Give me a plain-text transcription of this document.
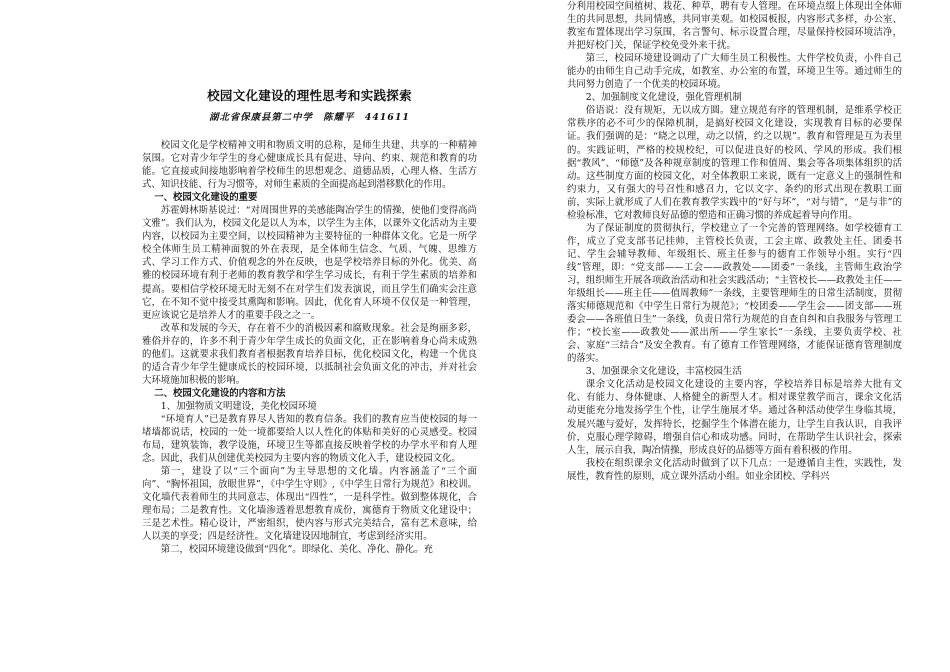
校园文化建设的理性思考和实践探索
湖北省保康县第二中学　陈耀平　441611

校园文化是学校精神文明和物质文明的总称，是师生共建、共享的一种精神氛围。它对青少年学生的身心健康成长具有促进、导向、约束、规范和教育的功能。它直接或间接地影响着学校师生的思想观念、道德品质，心理人格、生活方式、知识技能、行为习惯等，对师生素质的全面提高起到潜移默化的作用。

一、校园文化建设的重要

苏霍姆林斯基说过：“对周围世界的美感能陶冶学生的情操，使他们变得高尚文雅”。我们认为，校园文化是以人为本，以学生为主体，以课外文化活动为主要内容，以校园为主要空间，以校园精神为主要特征的一种群体文化。它是一所学校全体师生员工精神面貌的外在表现，是全体师生信念、气质、气魄、思维方式、学习工作方式、价值观念的外在反映，也是学校培养目标的外化。优美、高雅的校园环境有利于老师的教育教学和学生学习成长，有利于学生素质的培养和提高。要相信学校环境无时无刻不在对学生们发表演说，而且学生们确实会注意它，在不知不觉中接受其熏陶和影响。因此，优化育人环境不仅仅是一种管理，更应该说它是培养人才的重要手段之之一。

改革和发展的今天，存在着不少的消极因素和腐败现象。社会是绚丽多彩，雅俗并存的，许多不利于青少年学生成长的负面文化，正在影响着身心尚未成熟的他们。这就要求我们教育者根据教育培养目标，优化校园文化，构建一个优良的适合青少年学生健康成长的校园环境，以抵制社会负面文化的冲击，并对社会大环境施加积极的影响。

二、校园文化建设的内容和方法

1、加强物质文明建设，美化校园环境

“环境育人”已是教育界尽人皆知的教育信条。我们的教育应当使校园的每一堵墙都说话，校园的一处一境都要给人以人性化的体贴和美好的心灵感受。校园布局，建筑装饰，教学设施，环境卫生等都直接反映着学校的办学水平和育人理念。因此，我们从创建优美校园为主要内容的物质文化入手，建设校园文化。

第一，建设了以“三个面向”为主导思想的文化墙。内容涵盖了“三个面向”、“胸怀祖国，放眼世界”，《中学生守则》,《中学生日常行为规范》和校训。文化墙代表着师生的共同意志，体现出“四性”，一是科学性。做到整体规化，合理布局；二是教育性。文化墙渗透着思想教育成份，寓德育于物质文化建设中；三是艺术性。精心设计，严密组织，使内容与形式完美结合，富有艺术意味，给人以美的享受；四是经济性。文化墙建设因地制宜，考虑到经济实用。

第二，校园环境建设做到“四化”。即绿化、美化、净化、静化。充

分利用校园空间植树、栽花、种草，聘有专人管理。在环境点缀上体现出全体师生的共同思想，共同情感，共同审美观。如校园板报，内容形式多样，办公室、教室布置体现出学习氛围，名言警句、标示设置合理，尽量保持校园环境洁净，并把好校门关，保证学校免受外来干扰。

第三，校园环境建设调动了广大师生员工积极性。大件学校负责，小件自己能办的由师生自己动手完成，如教室、办公室的布置，环境卫生等。通过师生的共同努力创造了一个优美的校园环境。

2、加强制度文化建设，强化管理机制

俗语说：没有规矩，无以成方圆。建立规范有序的管理机制，是维系学校正常秩序的必不可少的保障机制，是搞好校园文化建设，实现教育目标的必要保证。我们强调的是：“晓之以理，动之以情，约之以规”。教育和管理是互为表里的。实践证明，严格的校规校纪，可以促进良好的校风、学风的形成。我们根据“教风”、“师德”及各种规章制度的管理工作和值周、集会等各项集体组织的活动。这些制度方面的校园文化，对全体教职工来说，既有一定意义上的强制性和约束力，又有强大的号召性和感召力，它以文字、条约的形式出现在教职工面前，实际上就形成了人们在教育教学实践中的“好与坏”，“对与错”，“是与非”的检验标准，它对教师良好品德的塑造和正确习惯的养成起着导向作用。

为了保证制度的贯彻执行，学校建立了一个完善的管理网络。如学校德育工作，成立了党支部书记挂帅，主管校长负责，工会主席、政教处主任、团委书记、学生会辅导教师、年级组长、班主任参与的德育工作领导小组。实行“四线”管理，即：“党支部——工会——政教处——团委”一条线，主管师生政治学习，组织师生开展各项政治活动和社会实践活动；“主管校长——政教处主任——年级组长——班主任——值周教师”一条线，主要管理师生的日常生活制度，贯彻落实师德规范和《中学生日常行为规范》；“校团委——学生会——团支部——班委会——各班值日生”一条线，负责日常行为规范的自查自纠和自我服务与管理工作；“校长室——政教处——派出所——学生家长”一条线，主要负责学校、社会、家庭“三结合”及安全教育。有了德育工作管理网络，才能保证德育管理制度的落实。

3、加强课余文化建设，丰富校园生活

课余文化活动是校园文化建设的主要内容，学校培养目标是培养大批有文化、有能力、身体健康、人格健全的新型人才。相对课堂教学而言，课余文化活动更能充分地发扬学生个性，让学生施展才华。通过各种活动使学生身临其境，发展兴趣与爱好，发挥特长，挖掘学生个体潜在能力，让学生自我认识，自我评价，克服心理学障碍，增强自信心和成功感。同时，在帮助学生认识社会，探索人生，展示自我，陶冶情操，形成良好的品德等方面有着积极的作用。

我校在组织课余文化活动时做到了以下几点：一是遵循自主性，实践性，发展性，教育性的原则，成立课外活动小组。如业余团校、学科兴
